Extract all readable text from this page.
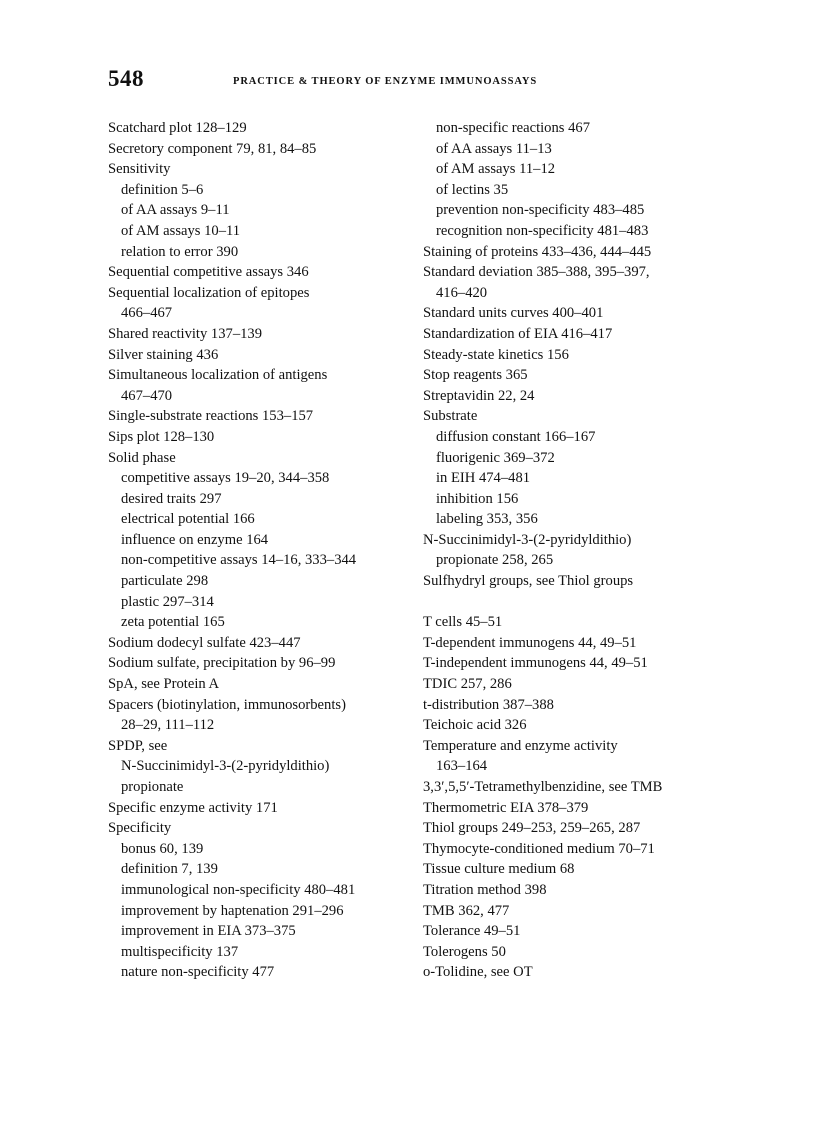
548	PRACTICE & THEORY OF ENZYME IMMUNOASSAYS
Scatchard plot 128–129
Secretory component 79, 81, 84–85
Sensitivity
definition 5–6
of AA assays 9–11
of AM assays 10–11
relation to error 390
Sequential competitive assays 346
Sequential localization of epitopes
466–467
Shared reactivity 137–139
Silver staining 436
Simultaneous localization of antigens
467–470
Single-substrate reactions 153–157
Sips plot 128–130
Solid phase
competitive assays 19–20, 344–358
desired traits 297
electrical potential 166
influence on enzyme 164
non-competitive assays 14–16, 333–344
particulate 298
plastic 297–314
zeta potential 165
Sodium dodecyl sulfate 423–447
Sodium sulfate, precipitation by 96–99
SpA, see Protein A
Spacers (biotinylation, immunosorbents)
28–29, 111–112
SPDP, see
N-Succinimidyl-3-(2-pyridyldithio)
propionate
Specific enzyme activity 171
Specificity
bonus 60, 139
definition 7, 139
immunological non-specificity 480–481
improvement by haptenation 291–296
improvement in EIA 373–375
multispecificity 137
nature non-specificity 477
non-specific reactions 467
of AA assays 11–13
of AM assays 11–12
of lectins 35
prevention non-specificity 483–485
recognition non-specificity 481–483
Staining of proteins 433–436, 444–445
Standard deviation 385–388, 395–397,
416–420
Standard units curves 400–401
Standardization of EIA 416–417
Steady-state kinetics 156
Stop reagents 365
Streptavidin 22, 24
Substrate
diffusion constant 166–167
fluorigenic 369–372
in EIH 474–481
inhibition 156
labeling 353, 356
N-Succinimidyl-3-(2-pyridyldithio)
propionate 258, 265
Sulfhydryl groups, see Thiol groups
T cells 45–51
T-dependent immunogens 44, 49–51
T-independent immunogens 44, 49–51
TDIC 257, 286
t-distribution 387–388
Teichoic acid 326
Temperature and enzyme activity
163–164
3,3′,5,5′-Tetramethylbenzidine, see TMB
Thermometric EIA 378–379
Thiol groups 249–253, 259–265, 287
Thymocyte-conditioned medium 70–71
Tissue culture medium 68
Titration method 398
TMB 362, 477
Tolerance 49–51
Tolerogens 50
o-Tolidine, see OT
